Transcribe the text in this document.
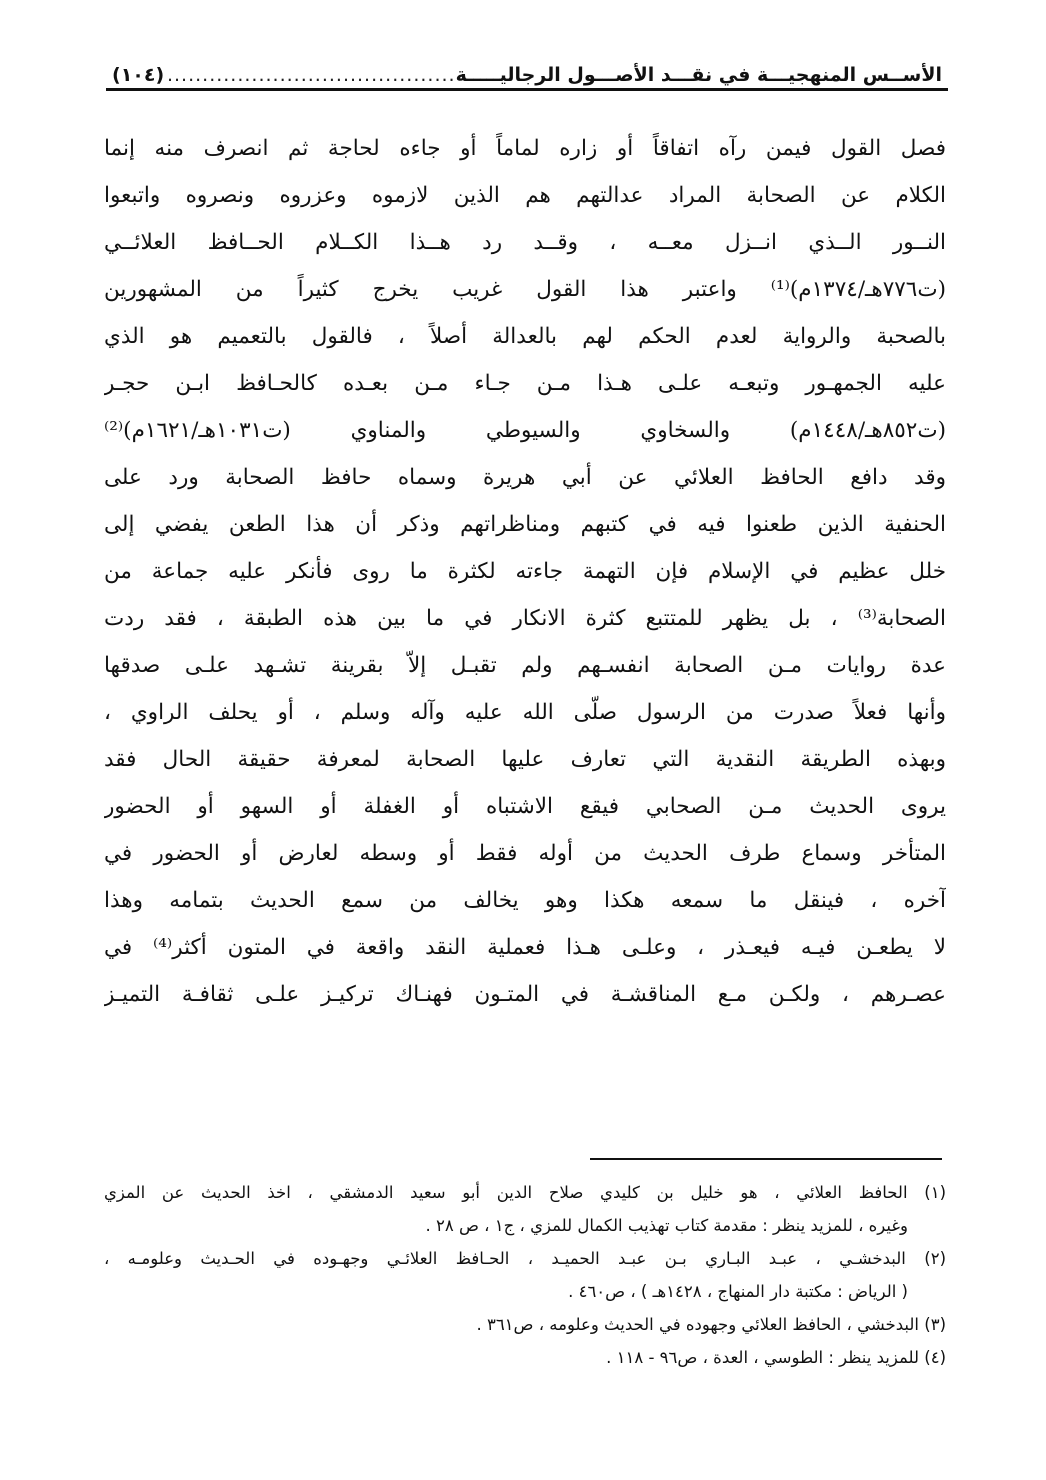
الأســس المنهجيـــة في نقـــد الأصـــول الرجاليـــــة
.....
(١٠٤)
فصل القول فيمن رآه اتفاقاً أو زاره لماماً أو جاءه لحاجة ثم انصرف منه إنما
الكلام عن الصحابة المراد عدالتهم هم الذين لازموه وعزروه ونصروه واتبعوا
النــور الــذي انــزل معــه ، وقــد رد هــذا الكــلام الحــافظ العلائــي
(ت٧٧٦هـ/١٣٧٤م)⁽¹⁾ واعتبر هذا القول غريب يخرج كثيراً من المشهورين
بالصحبة والرواية لعدم الحكم لهم بالعدالة أصلاً ، فالقول بالتعميم هو الذي
عليه الجمهـور وتبعـه علـى هـذا مـن جـاء مـن بعـده كالحـافظ ابـن حجـر
(ت٨٥٢هـ/١٤٤٨م) والسخاوي والسيوطي والمناوي (ت١٠٣١هـ/١٦٢١م)⁽²⁾
وقد دافع الحافظ العلائي عن أبي هريرة وسماه حافظ الصحابة ورد على
الحنفية الذين طعنوا فيه في كتبهم ومناظراتهم وذكر أن هذا الطعن يفضي إلى
خلل عظيم في الإسلام فإن التهمة جاءته لكثرة ما روى فأنكر عليه جماعة من
الصحابة⁽³⁾ ، بل يظهر للمتتبع كثرة الانكار في ما بين هذه الطبقة ، فقد ردت
عدة روايات مـن الصحابة انفسـهم ولم تقبـل إلاّ بقرينة تشـهد علـى صدقها
وأنها فعلاً صدرت من الرسول صلّى الله عليه وآله وسلم ، أو يحلف الراوي ،
وبهذه الطريقة النقدية التي تعارف عليها الصحابة لمعرفة حقيقة الحال فقد
يروى الحديث مـن الصحابي فيقع الاشتباه أو الغفلة أو السهو أو الحضور
المتأخر وسماع طرف الحديث من أوله فقط أو وسطه لعارض أو الحضور في
آخره ، فينقل ما سمعه هكذا وهو يخالف من سمع الحديث بتمامه وهذا
لا يطعـن فيـه فيعـذر ، وعلـى هـذا فعملية النقد واقعة في المتون أكثر⁽⁴⁾ في
عصـرهم ، ولكـن مـع المناقشـة في المتـون فهنـاك تركيـز علـى ثقافـة التميـز
(١) الحافظ العلائي ، هو خليل بن كليدي صلاح الدين أبو سعيد الدمشقي ، اخذ الحديث عن المزي
وغيره ، للمزيد ينظر : مقدمة كتاب تهذيب الكمال للمزي ، ج١ ، ص ٢٨ .
(٢) البدخشـي ، عبـد البـاري بـن عبـد الحميـد ، الحـافظ العلائـي وجهـوده في الحـديث وعلومـه ،
( الرياض : مكتبة دار المنهاج ، ١٤٢٨هـ ) ، ص٤٦٠ .
(٣) البدخشي ، الحافظ العلائي وجهوده في الحديث وعلومه ، ص٣٦١ .
(٤) للمزيد ينظر : الطوسي ، العدة ، ص٩٦ - ١١٨ .
